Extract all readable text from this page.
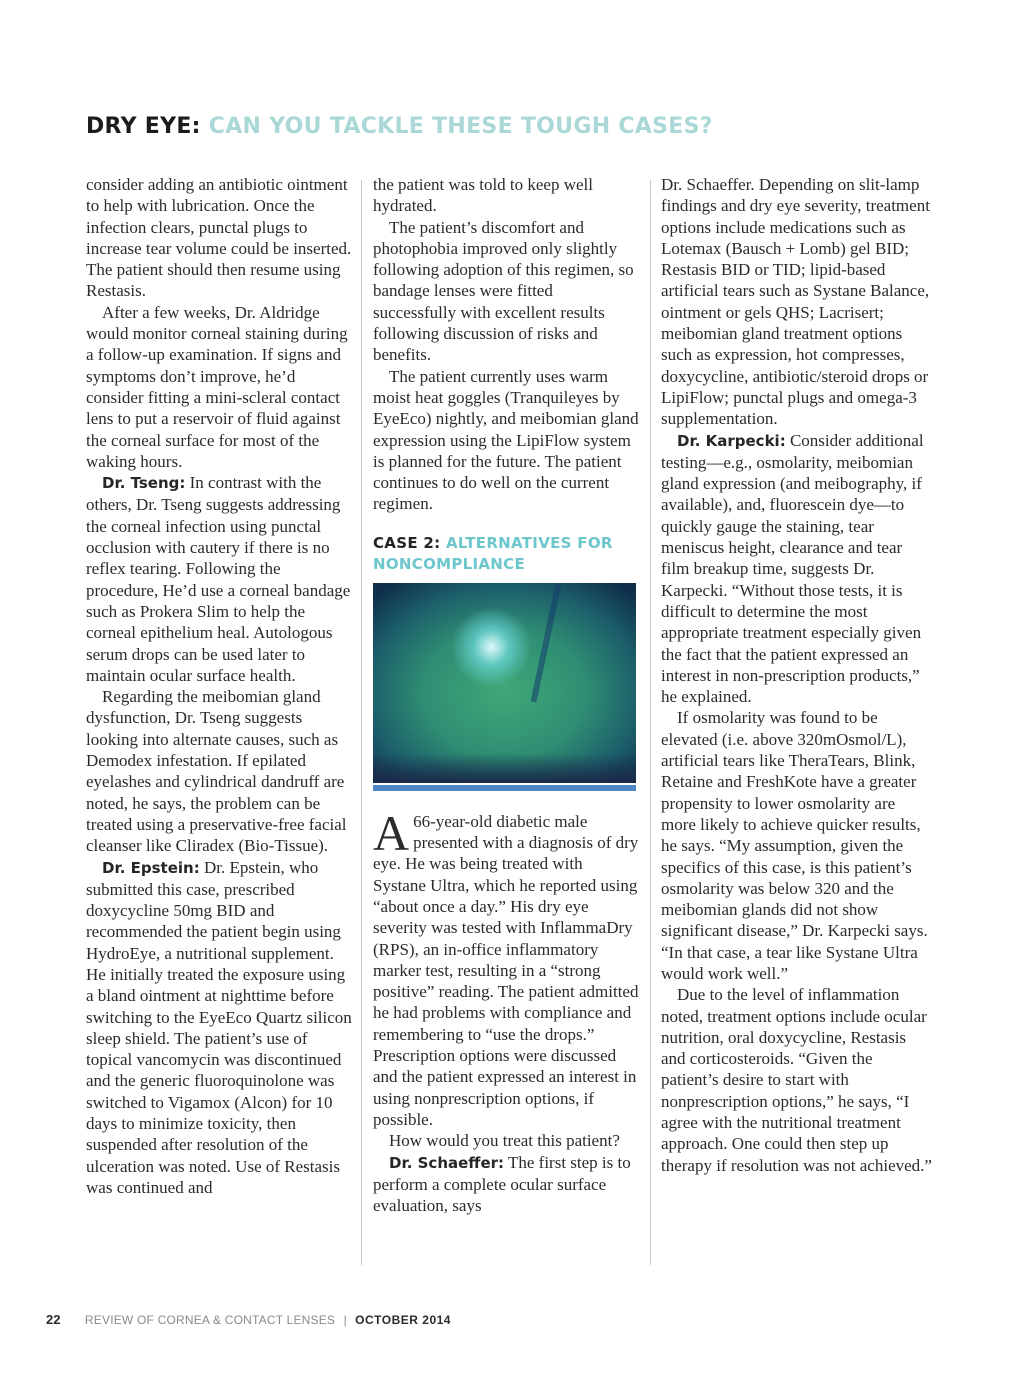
DRY EYE: CAN YOU TACKLE THESE TOUGH CASES?

consider adding an antibiotic ointment to help with lubrication. Once the infection clears, punctal plugs to increase tear volume could be inserted. The patient should then resume using Restasis.

After a few weeks, Dr. Aldridge would monitor corneal staining during a follow-up examination. If signs and symptoms don’t improve, he’d consider fitting a mini-scleral contact lens to put a reservoir of fluid against the corneal surface for most of the waking hours.

Dr. Tseng: In contrast with the others, Dr. Tseng suggests addressing the corneal infection using punctal occlusion with cautery if there is no reflex tearing. Following the procedure, He’d use a corneal bandage such as Prokera Slim to help the corneal epithelium heal. Autologous serum drops can be used later to maintain ocular surface health.

Regarding the meibomian gland dysfunction, Dr. Tseng suggests looking into alternate causes, such as Demodex infestation. If epilated eyelashes and cylindrical dandruff are noted, he says, the problem can be treated using a preservative-free facial cleanser like Cliradex (Bio-Tissue).

Dr. Epstein: Dr. Epstein, who submitted this case, prescribed doxycycline 50mg BID and recommended the patient begin using HydroEye, a nutritional supplement. He initially treated the exposure using a bland ointment at nighttime before switching to the EyeEco Quartz silicon sleep shield. The patient’s use of topical vancomycin was discontinued and the generic fluoroquinolone was switched to Vigamox (Alcon) for 10 days to minimize toxicity, then suspended after resolution of the ulceration was noted. Use of Restasis was continued and

the patient was told to keep well hydrated.

The patient’s discomfort and photophobia improved only slightly following adoption of this regimen, so bandage lenses were fitted successfully with excellent results following discussion of risks and benefits.

The patient currently uses warm moist heat goggles (Tranquileyes by EyeEco) nightly, and meibomian gland expression using the LipiFlow system is planned for the future. The patient continues to do well on the current regimen.

CASE 2: ALTERNATIVES FOR NONCOMPLIANCE

A 66-year-old diabetic male presented with a diagnosis of dry eye. He was being treated with Systane Ultra, which he reported using “about once a day.” His dry eye severity was tested with InflammaDry (RPS), an in-office inflammatory marker test, resulting in a “strong positive” reading. The patient admitted he had problems with compliance and remembering to “use the drops.” Prescription options were discussed and the patient expressed an interest in using nonprescription options, if possible.

How would you treat this patient?

Dr. Schaeffer: The first step is to perform a complete ocular surface evaluation, says

Dr. Schaeffer. Depending on slit-lamp findings and dry eye severity, treatment options include medications such as Lotemax (Bausch + Lomb) gel BID; Restasis BID or TID; lipid-based artificial tears such as Systane Balance, ointment or gels QHS; Lacrisert; meibomian gland treatment options such as expression, hot compresses, doxycycline, antibiotic/steroid drops or LipiFlow; punctal plugs and omega-3 supplementation.

Dr. Karpecki: Consider additional testing—e.g., osmolarity, meibomian gland expression (and meibography, if available), and, fluorescein dye—to quickly gauge the staining, tear meniscus height, clearance and tear film breakup time, suggests Dr. Karpecki. “Without those tests, it is difficult to determine the most appropriate treatment especially given the fact that the patient expressed an interest in non-prescription products,” he explained.

If osmolarity was found to be elevated (i.e. above 320mOsmol/L), artificial tears like TheraTears, Blink, Retaine and FreshKote have a greater propensity to lower osmolarity are more likely to achieve quicker results, he says. “My assumption, given the specifics of this case, is this patient’s osmolarity was below 320 and the meibomian glands did not show significant disease,” Dr. Karpecki says. “In that case, a tear like Systane Ultra would work well.”

Due to the level of inflammation noted, treatment options include ocular nutrition, oral doxycycline, Restasis and corticosteroids. “Given the patient’s desire to start with nonprescription options,” he says, “I agree with the nutritional treatment approach. One could then step up therapy if resolution was not achieved.”

22 REVIEW OF CORNEA & CONTACT LENSES | OCTOBER 2014
